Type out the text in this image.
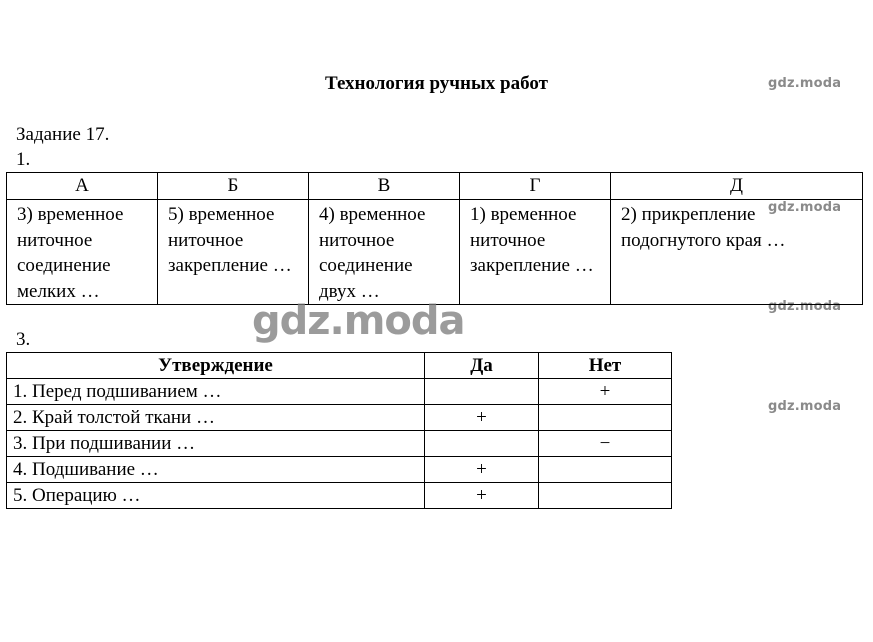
Технология ручных работ	gdz.moda
gdz.moda
gdz.moda
gdz.moda
Задание 17.
1.
А	Б	В	Г	Д
3) временное ниточное соединение мелких …	5) временное ниточное закрепление …	4) временное ниточное соединение двух …	1) временное ниточное закрепление …	2) прикрепление подогнутого края …
gdz.moda
3.
Утверждение	Да	Нет
1. Перед подшиванием …		+
2. Край толстой ткани …	+	
3. При подшивании …		−
4. Подшивание …	+	
5. Операцию …	+	
